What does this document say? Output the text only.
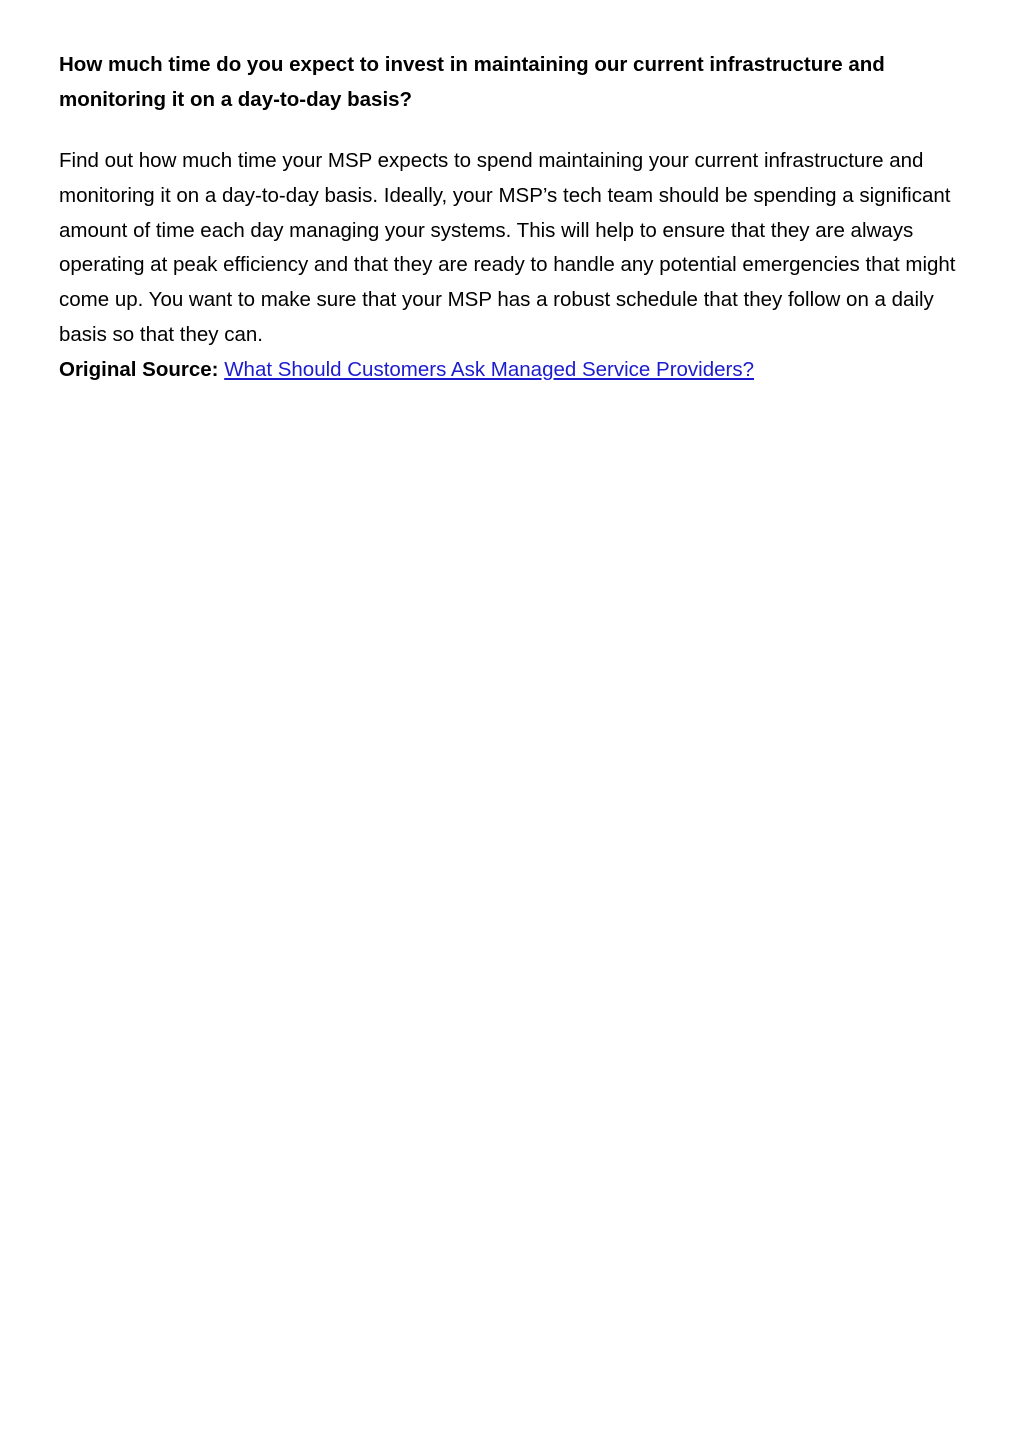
How much time do you expect to invest in maintaining our current infrastructure and monitoring it on a day-to-day basis?

Find out how much time your MSP expects to spend maintaining your current infrastructure and monitoring it on a day-to-day basis. Ideally, your MSP’s tech team should be spending a significant amount of time each day managing your systems. This will help to ensure that they are always operating at peak efficiency and that they are ready to handle any potential emergencies that might come up. You want to make sure that your MSP has a robust schedule that they follow on a daily basis so that they can.

Original Source: What Should Customers Ask Managed Service Providers?
